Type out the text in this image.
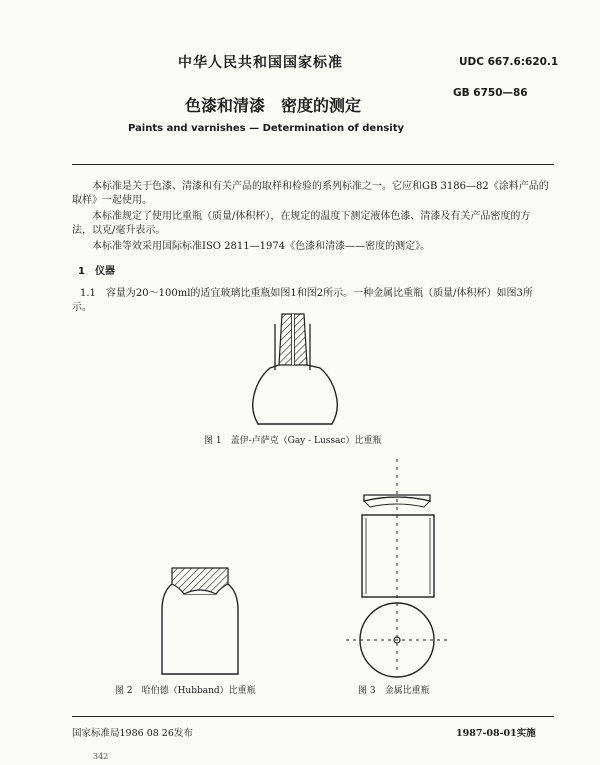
中华人民共和国国家标准	UDC 667.6:620.1
GB 6750—86
色漆和清漆　密度的测定
Paints and varnishes — Determination of density
本标准是关于色漆、清漆和有关产品的取样和检验的系列标准之一。它应和GB 3186—82《涂料产品的取样》一起使用。
本标准规定了使用比重瓶（质量/体积杯），在规定的温度下测定液体色漆、清漆及有关产品密度的方法，以克/毫升表示。
本标准等效采用国际标准ISO 2811—1974《色漆和清漆——密度的测定》。
1　仪器
1.1　容量为20～100ml的适宜玻璃比重瓶如图1和图2所示。一种金属比重瓶（质量/体积杯）如图3所示。
图 1　盖伊-卢萨克（Gay - Lussac）比重瓶
图 2　哈伯德（Hubband）比重瓶	图 3　金属比重瓶
国家标准局1986 08 26发布	1987-08-01实施
342
